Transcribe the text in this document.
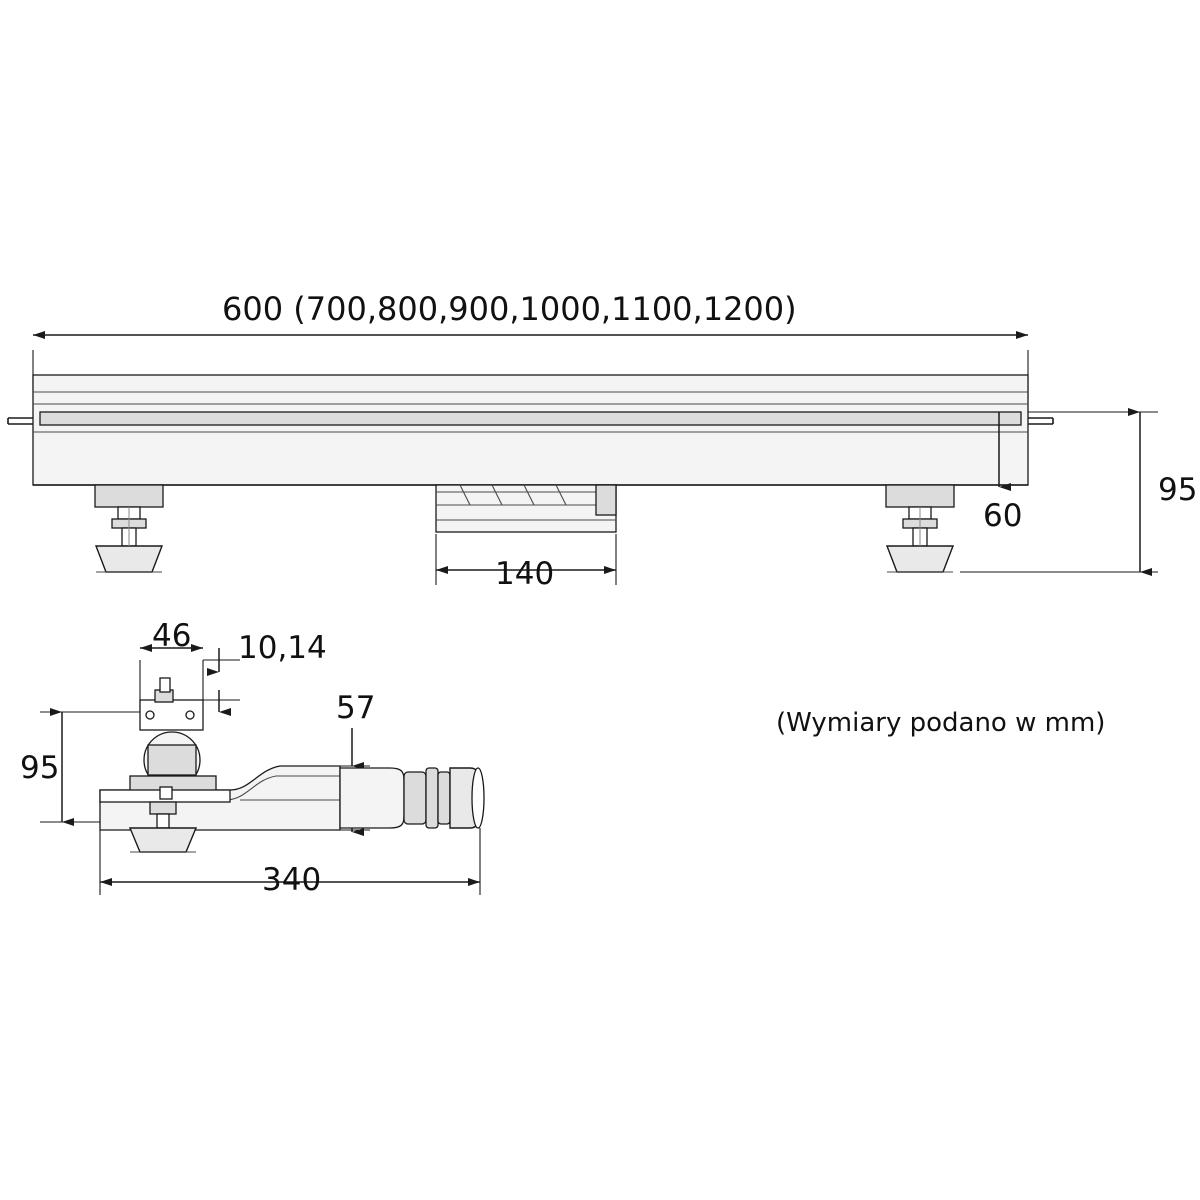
600 (700,800,900,1000,1100,1200)
95
60
140
46 10,14
57
95
340
(Wymiary podano w mm)
